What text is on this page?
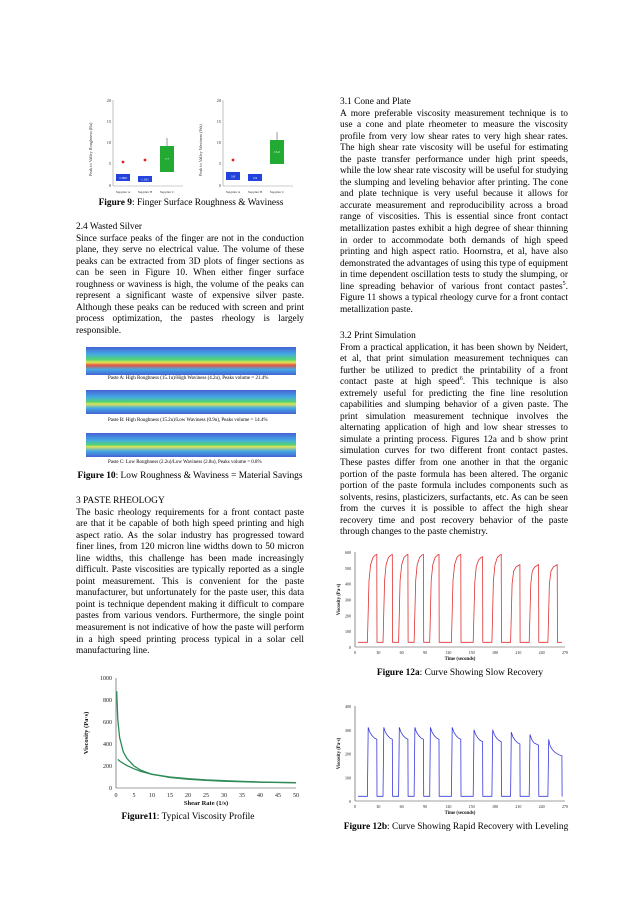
Peak to Valley Roughness (Ra)
20
15
10
5
0
1.099	1.181
7.7
Supplier A Supplier B Supplier C
Peak to Valley Waviness (Wa)
20
15
10
5
0
3.8	2.9
13.2
Supplier A Supplier B Supplier C
Figure 9: Finger Surface Roughness & Waviness

2.4 Wasted Silver

Since surface peaks of the finger are not in the conduction plane, they serve no electrical value. The volume of these peaks can be extracted from 3D plots of finger sections as can be seen in Figure 10. When either finger surface roughness or waviness is high, the volume of the peaks can represent a significant waste of expensive silver paste. Although these peaks can be reduced with screen and print process optimization, the pastes rheology is largely responsible.

Paste A: High Roughness (15.1u)/High Waviness (4.2u), Peaks volume = 21.4%
Paste B: High Roughness (15.2u)/Low Waviness (0.9u), Peaks volume = 14.4%
Paste C: Low Roughness (2.2u)/Low Waviness (2.8u), Peaks volume = 0.8%
Figure 10: Low Roughness & Waviness = Material Savings

3 PASTE RHEOLOGY

The basic rheology requirements for a front contact paste are that it be capable of both high speed printing and high aspect ratio. As the solar industry has progressed toward finer lines, from 120 micron line widths down to 50 micron line widths, this challenge has been made increasingly difficult. Paste viscosities are typically reported as a single point measurement. This is convenient for the paste manufacturer, but unfortunately for the paste user, this data point is technique dependent making it difficult to compare pastes from various vendors. Furthermore, the single point measurement is not indicative of how the paste will perform in a high speed printing process typical in a solar cell manufacturing line.

0
200
400
600
800
1000
0	5 10 15 20 25 30 35 40 45 50
Shear Rate (1/s)
Viscosity (Pa·s)
Figure11: Typical Viscosity Profile

3.1 Cone and Plate

A more preferable viscosity measurement technique is to use a cone and plate rheometer to measure the viscosity profile from very low shear rates to very high shear rates. The high shear rate viscosity will be useful for estimating the paste transfer performance under high print speeds, while the low shear rate viscosity will be useful for studying the slumping and leveling behavior after printing. The cone and plate technique is very useful because it allows for accurate measurement and reproducibility across a broad range of viscosities. This is essential since front contact metallization pastes exhibit a high degree of shear thinning in order to accommodate both demands of high speed printing and high aspect ratio. Hoornstra, et al, have also demonstrated the advantages of using this type of equipment in time dependent oscillation tests to study the slumping, or line spreading behavior of various front contact pastes$^5$. Figure 11 shows a typical rheology curve for a front contact metallization paste.

3.2 Print Simulation

From a practical application, it has been shown by Neidert, et al, that print simulation measurement techniques can further be utilized to predict the printability of a front contact paste at high speed$^6$. This technique is also extremely useful for predicting the fine line resolution capabilities and slumping behavior of a given paste. The print simulation measurement technique involves the alternating application of high and low shear stresses to simulate a printing process. Figures 12a and b show print simulation curves for two different front contact pastes. These pastes differ from one another in that the organic portion of the paste formula has been altered. The organic portion of the paste formula includes components such as solvents, resins, plasticizers, surfactants, etc. As can be seen from the curves it is possible to affect the high shear recovery time and post recovery behavior of the paste through changes to the paste chemistry.

0
100
200
300
400
500
600
0	30	60	90	120	150	180	210	240	270
Time (seconds)
Viscosity (Pa·s)
Figure 12a: Curve Showing Slow Recovery
0
100
200
300
400
0	30	60	90	120	150	180	210	240	270
Time (seconds)
Viscosity (Pa·s)
Figure 12b: Curve Showing Rapid Recovery with Leveling
